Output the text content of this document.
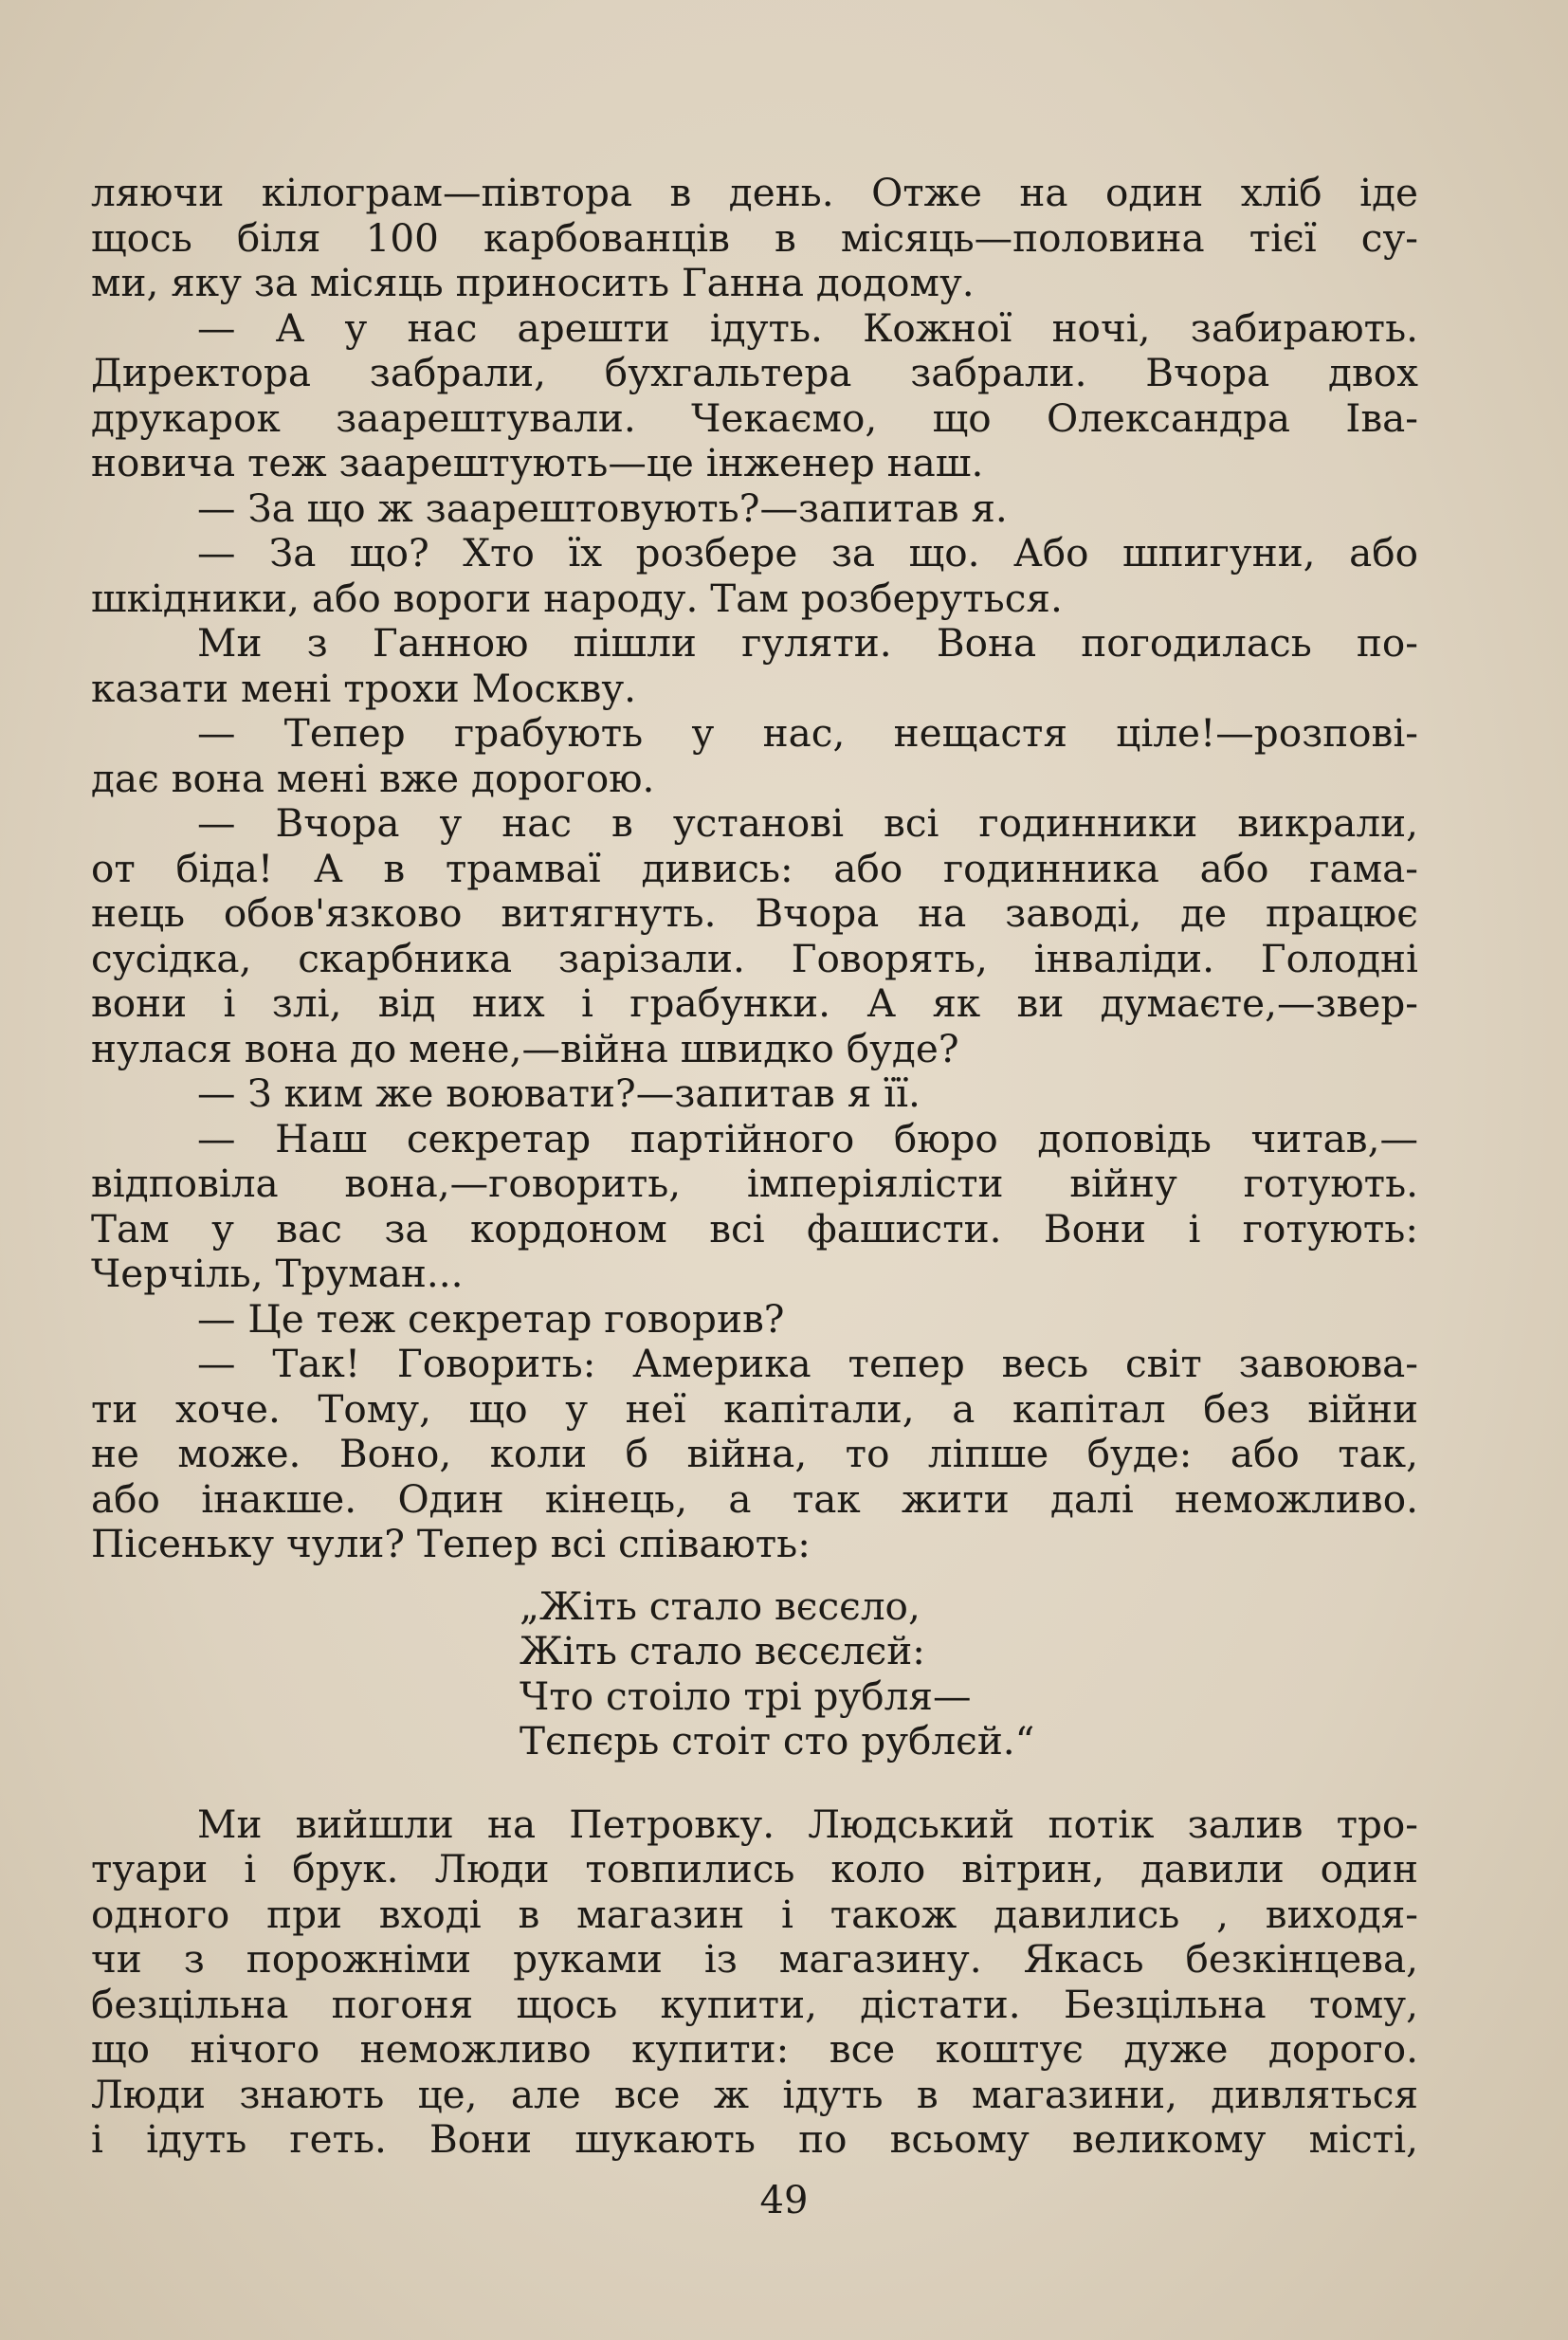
ляючи кілограм—півтора в день. Отже на один хліб іде
щось біля 100 карбованців в місяць—половина тієї су-
ми, яку за місяць приносить Ганна додому.
— А у нас арешти ідуть. Кожної ночі, забирають.
Директора забрали, бухгальтера забрали. Вчора двох
друкарок заарештували. Чекаємо, що Олександра Іва-
новича теж заарештують—це інженер наш.
— За що ж заарештовують?—запитав я.
— За що? Хто їх розбере за що. Або шпигуни, або
шкідники, або вороги народу. Там розберуться.
Ми з Ганною пішли гуляти. Вона погодилась по-
казати мені трохи Москву.
— Тепер грабують у нас, нещастя ціле!—розпові-
дає вона мені вже дорогою.
— Вчора у нас в установі всі годинники викрали,
от біда! А в трамваї дивись: або годинника або гама-
нець обов'язково витягнуть. Вчора на заводі, де працює
сусідка, скарбника зарізали. Говорять, інваліди. Голодні
вони і злі, від них і грабунки. А як ви думаєте,—звер-
нулася вона до мене,—війна швидко буде?
— З ким же воювати?—запитав я її.
— Наш секретар партійного бюро доповідь читав,—
відповіла вона,—говорить, імперіялісти війну готують.
Там у вас за кордоном всі фашисти. Вони і готують:
Черчіль, Труман...
— Це теж секретар говорив?
— Так! Говорить: Америка тепер весь світ завоюва-
ти хоче. Тому, що у неї капітали, а капітал без війни
не може. Воно, коли б війна, то ліпше буде: або так,
або інакше. Один кінець, а так жити далі неможливо.
Пісеньку чули? Тепер всі співають:
„Жіть стало вєсєло,
Жіть стало вєсєлєй:
Что стоіло трі рубля—
Тєпєрь стоіт сто рублєй.“
Ми вийшли на Петровку. Людський потік залив тро-
туари і брук. Люди товпились коло вітрин, давили один
одного при вході в магазин і також давились , виходя-
чи з порожніми руками із магазину. Якась безкінцева,
безцільна погоня щось купити, дістати. Безцільна тому,
що нічого неможливо купити: все коштує дуже дорого.
Люди знають це, але все ж ідуть в магазини, дивляться
і ідуть геть. Вони шукають по всьому великому місті,
49
